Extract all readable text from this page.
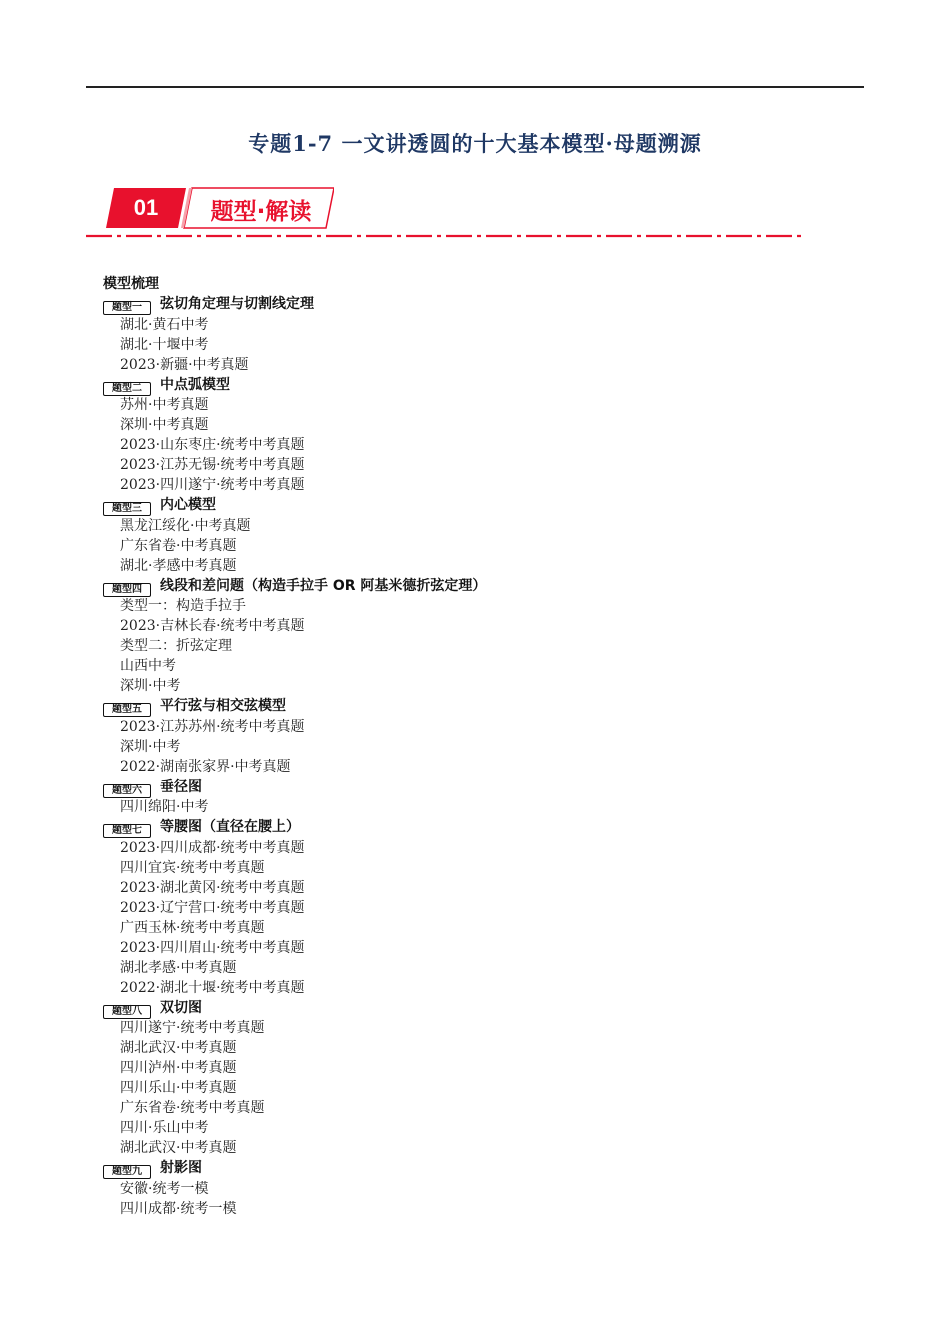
专题1-7 一文讲透圆的十大基本模型·母题溯源
01	题型·解读
模型梳理
题型一 弦切角定理与切割线定理
湖北·黄石中考
湖北·十堰中考
2023·新疆·中考真题
题型二 中点弧模型
苏州·中考真题
深圳·中考真题
2023·山东枣庄·统考中考真题
2023·江苏无锡·统考中考真题
2023·四川遂宁·统考中考真题
题型三 内心模型
黑龙江绥化·中考真题
广东省卷·中考真题
湖北·孝感中考真题
题型四 线段和差问题（构造手拉手 OR 阿基米德折弦定理）
类型一：构造手拉手
2023·吉林长春·统考中考真题
类型二：折弦定理
山西中考
深圳·中考
题型五 平行弦与相交弦模型
2023·江苏苏州·统考中考真题
深圳·中考
2022·湖南张家界·中考真题
题型六 垂径图
四川绵阳·中考
题型七 等腰图（直径在腰上）
2023·四川成都·统考中考真题
四川宜宾·统考中考真题
2023·湖北黄冈·统考中考真题
2023·辽宁营口·统考中考真题
广西玉林·统考中考真题
2023·四川眉山·统考中考真题
湖北孝感·中考真题
2022·湖北十堰·统考中考真题
题型八 双切图
四川遂宁·统考中考真题
湖北武汉·中考真题
四川泸州·中考真题
四川乐山·中考真题
广东省卷·统考中考真题
四川·乐山中考
湖北武汉·中考真题
题型九 射影图
安徽·统考一模
四川成都·统考一模
